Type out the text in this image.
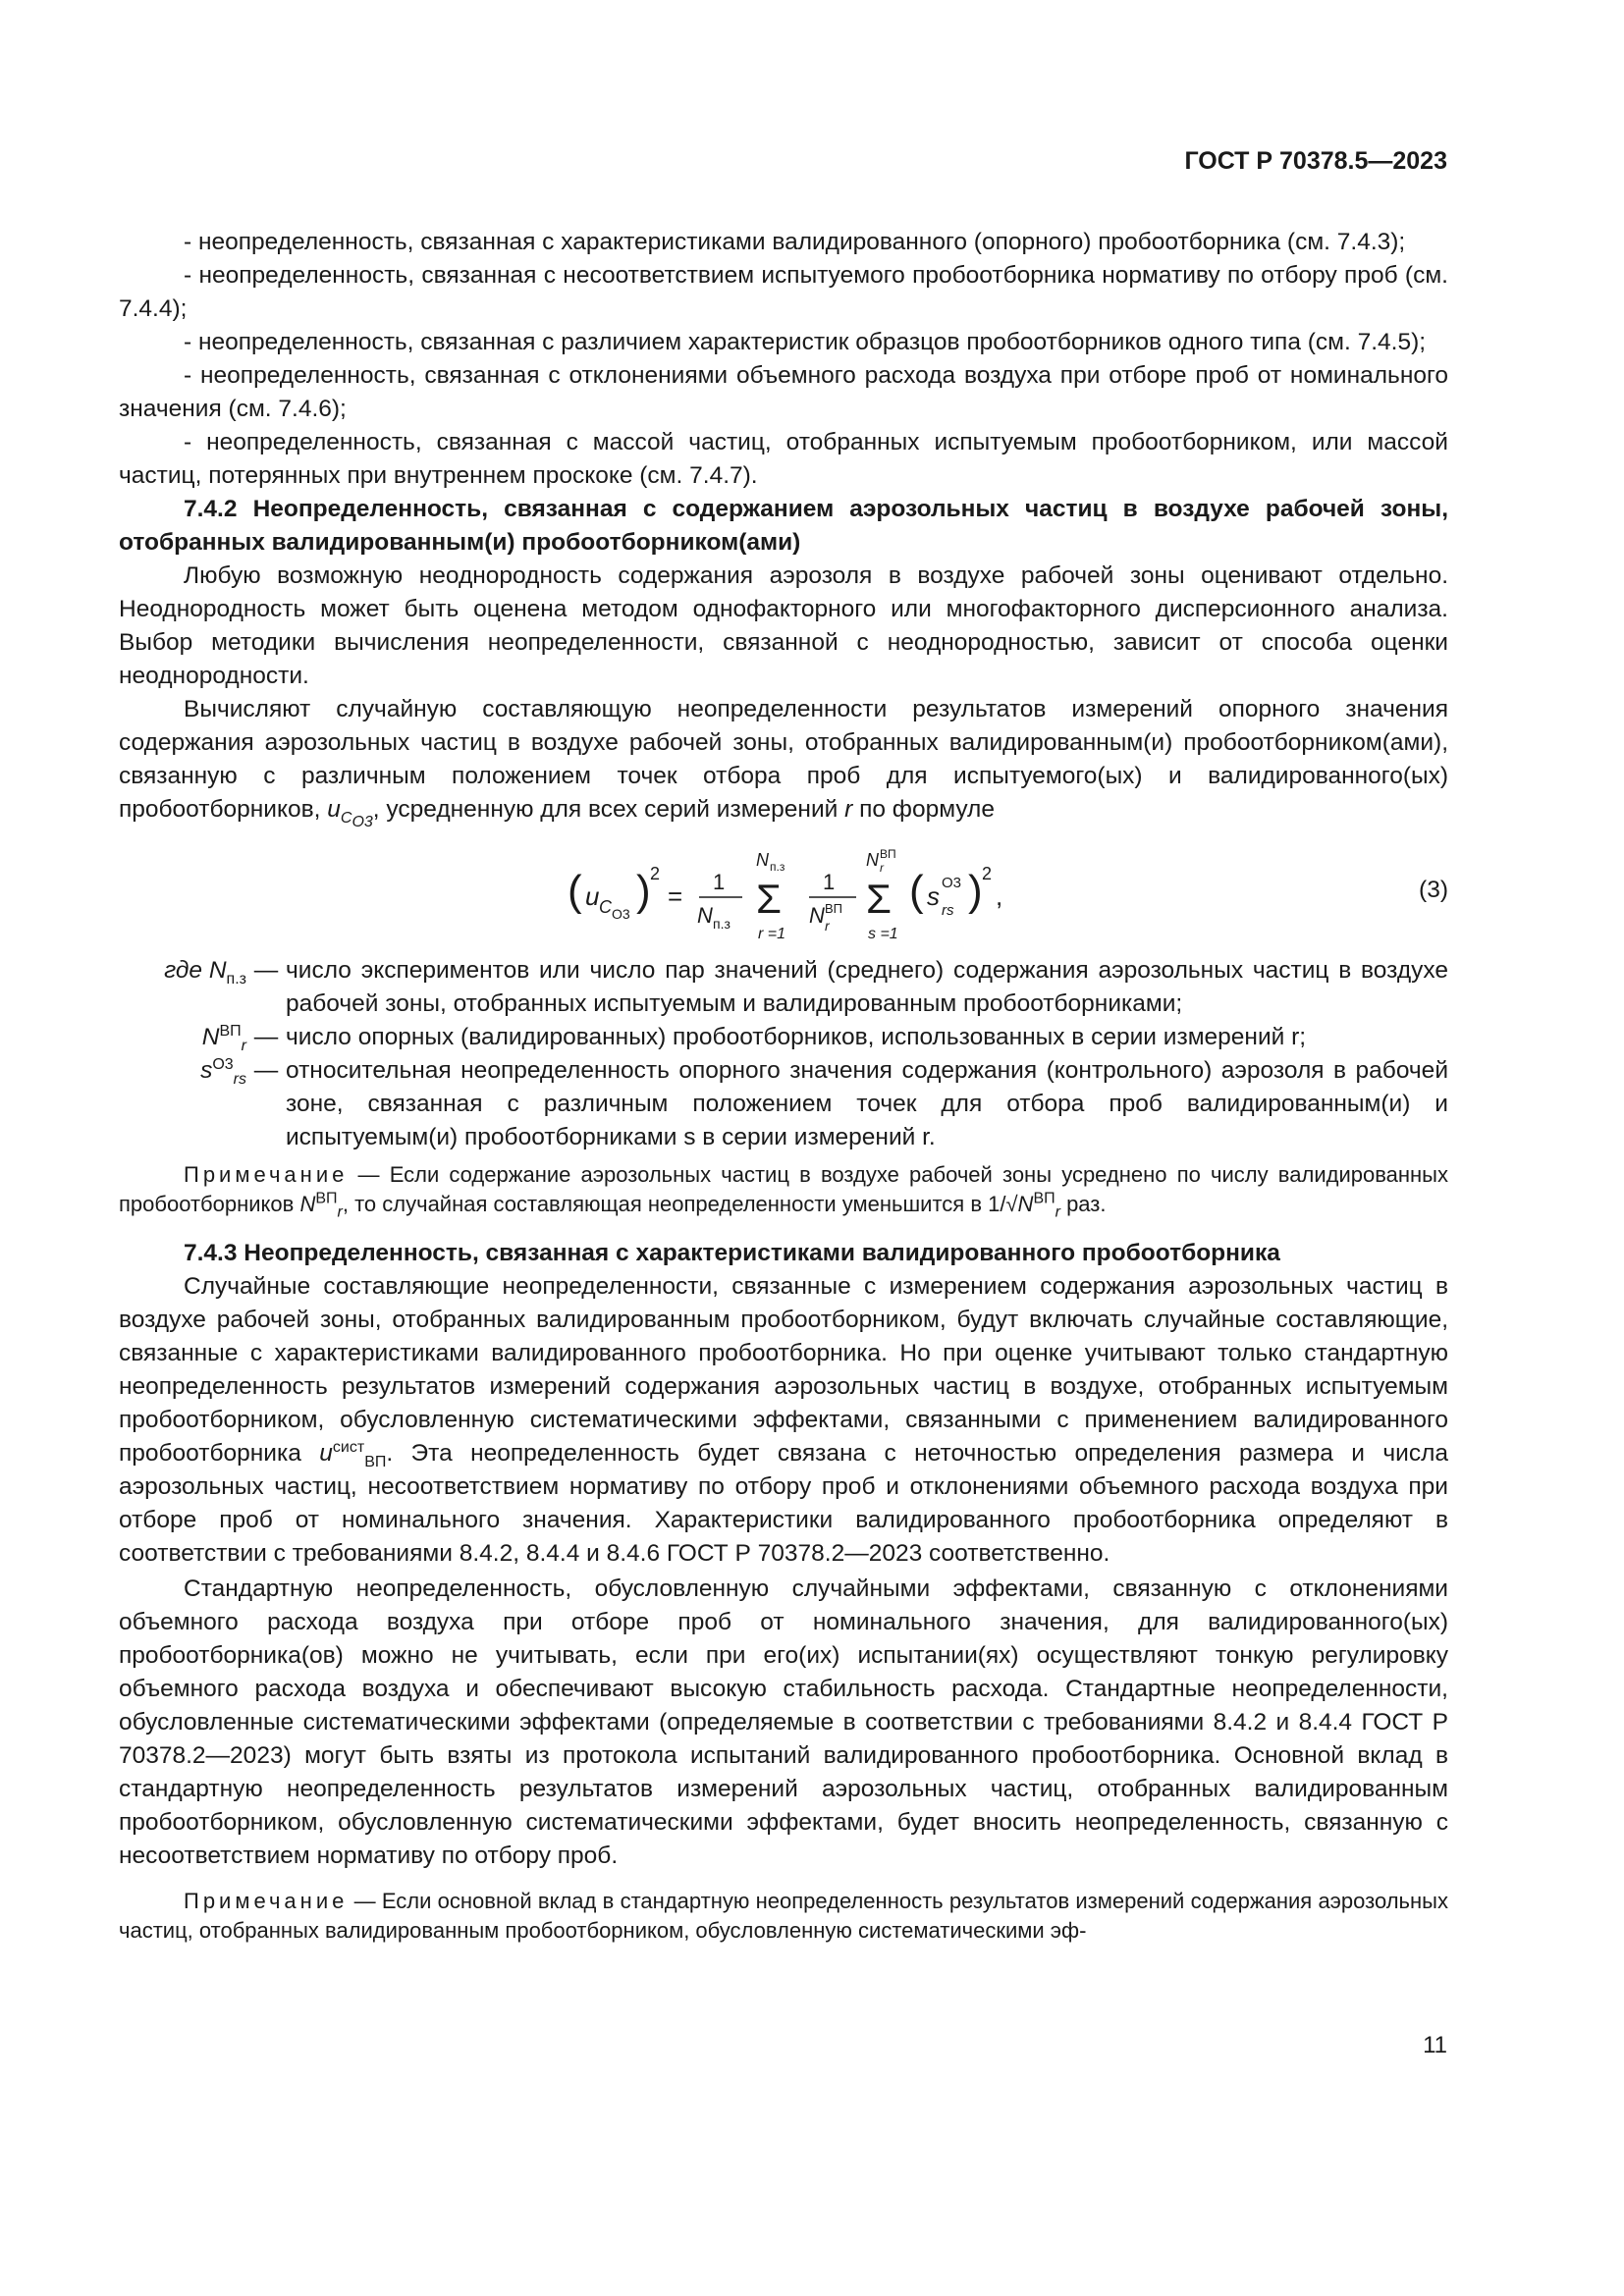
ГОСТ Р 70378.5—2023

- неопределенность, связанная с характеристиками валидированного (опорного) пробоотборника (см. 7.4.3);

- неопределенность, связанная с несоответствием испытуемого пробоотборника нормативу по отбору проб (см. 7.4.4);

- неопределенность, связанная с различием характеристик образцов пробоотборников одного типа (см. 7.4.5);

- неопределенность, связанная с отклонениями объемного расхода воздуха при отборе проб от номинального значения (см. 7.4.6);

- неопределенность, связанная с массой частиц, отобранных испытуемым пробоотборником, или массой частиц, потерянных при внутреннем проскоке (см. 7.4.7).

7.4.2 Неопределенность, связанная с содержанием аэрозольных частиц в воздухе рабочей зоны, отобранных валидированным(и) пробоотборником(ами)

Любую возможную неоднородность содержания аэрозоля в воздухе рабочей зоны оценивают отдельно. Неоднородность может быть оценена методом однофакторного или многофакторного дисперсионного анализа. Выбор методики вычисления неопределенности, связанной с неоднородностью, зависит от способа оценки неоднородности.

Вычисляют случайную составляющую неопределенности результатов измерений опорного значения содержания аэрозольных частиц в воздухе рабочей зоны, отобранных валидированным(и) пробоотборником(ами), связанную с различным положением точек отбора проб для испытуемого(ых) и валидированного(ых) пробоотборников, $u_{C_{О3}}$, усредненную для всех серий измерений r по формуле

( u C О3 ) 2
= 1
N п.з
N п.з
Σ
r =1
1
N ВП
r
N ВП
r
Σ
s =1
( s О3
rs ) 2
,	(3)
где $N_{п.з}$ — число экспериментов или число пар значений (среднего) содержания аэрозольных частиц в воздухе рабочей зоны, отобранных испытуемым и валидированным пробоотборниками;
$N^{ВП}_r$ — число опорных (валидированных) пробоотборников, использованных в серии измерений r;
$s^{О3}_{rs}$ — относительная неопределенность опорного значения содержания (контрольного) аэрозоля в рабочей зоне, связанная с различным положением точек для отбора проб валидированным(и) и испытуемым(и) пробоотборниками s в серии измерений r.

Примечание — Если содержание аэрозольных частиц в воздухе рабочей зоны усреднено по числу валидированных пробоотборников $N^{ВП}_r$, то случайная составляющая неопределенности уменьшится в $1/√N^{ВП}_r$ раз.

7.4.3 Неопределенность, связанная с характеристиками валидированного пробоотборника

Случайные составляющие неопределенности, связанные с измерением содержания аэрозольных частиц в воздухе рабочей зоны, отобранных валидированным пробоотборником, будут включать случайные составляющие, связанные с характеристиками валидированного пробоотборника. Но при оценке учитывают только стандартную неопределенность результатов измерений содержания аэрозольных частиц в воздухе, отобранных испытуемым пробоотборником, обусловленную систематическими эффектами, связанными с применением валидированного пробоотборника $u^{сист}_{ВП}$. Эта неопределенность будет связана с неточностью определения размера и числа аэрозольных частиц, несоответствием нормативу по отбору проб и отклонениями объемного расхода воздуха при отборе проб от номинального значения. Характеристики валидированного пробоотборника определяют в соответствии с требованиями 8.4.2, 8.4.4 и 8.4.6 ГОСТ Р 70378.2—2023 соответственно.

Стандартную неопределенность, обусловленную случайными эффектами, связанную с отклонениями объемного расхода воздуха при отборе проб от номинального значения, для валидированного(ых) пробоотборника(ов) можно не учитывать, если при его(их) испытании(ях) осуществляют тонкую регулировку объемного расхода воздуха и обеспечивают высокую стабильность расхода. Стандартные неопределенности, обусловленные систематическими эффектами (определяемые в соответствии с требованиями 8.4.2 и 8.4.4 ГОСТ Р 70378.2—2023) могут быть взяты из протокола испытаний валидированного пробоотборника. Основной вклад в стандартную неопределенность результатов измерений аэрозольных частиц, отобранных валидированным пробоотборником, обусловленную систематическими эффектами, будет вносить неопределенность, связанную с несоответствием нормативу по отбору проб.

Примечание — Если основной вклад в стандартную неопределенность результатов измерений содержания аэрозольных частиц, отобранных валидированным пробоотборником, обусловленную систематическими эф-

11
